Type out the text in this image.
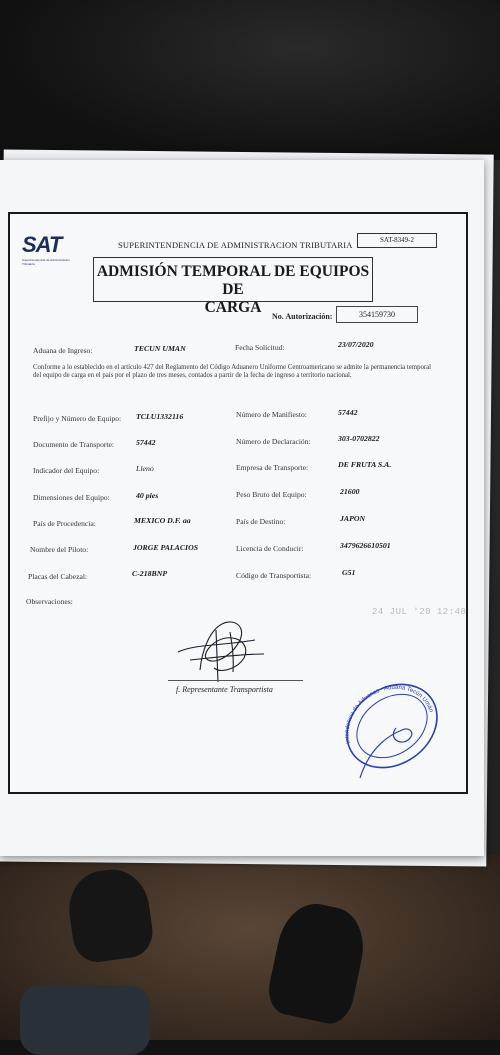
SAT
Superintendencia de Administración Tributaria
SUPERINTENDENCIA DE ADMINISTRACION TRIBUTARIA	SAT-8349-2
ADMISIÓN TEMPORAL DE EQUIPOS DE
CARGA
No. Autorización:	354159730
Aduana de Ingreso:	TECUN UMAN	Fecha Solicitud:	23/07/2020
Conforme a lo establecido en el artículo 427 del Reglamento del Código Aduanero Uniforme Centroamericano se admite la permanencia temporal del equipo de carga en el país por el plazo de tres meses, contados a partir de la fecha de ingreso a territorio nacional.
Prefijo y Número de Equipo: TCLU1332116	Número de Manifiesto:	57442
Documento de Transporte:	57442	Número de Declaración:	303-0702822
Indicador del Equipo:	Lleno	Empresa de Transporte:	DE FRUTA S.A.
Dimensiones del Equipo:	40 pies	Peso Bruto del Equipo:	21600
País de Procedencia:	MEXICO D.F. aa	País de Destino:	JAPON
Nombre del Piloto:	JORGE PALACIOS	Licencia de Conducir:	3479626610501
Placas del Cabezal:	C-218BNP	Código de Transportista:	G51
Observaciones:
24 JUL '20 12:48
f. Representante Transportista
Intendencia de Aduanas · Aduana Tecún Umán
